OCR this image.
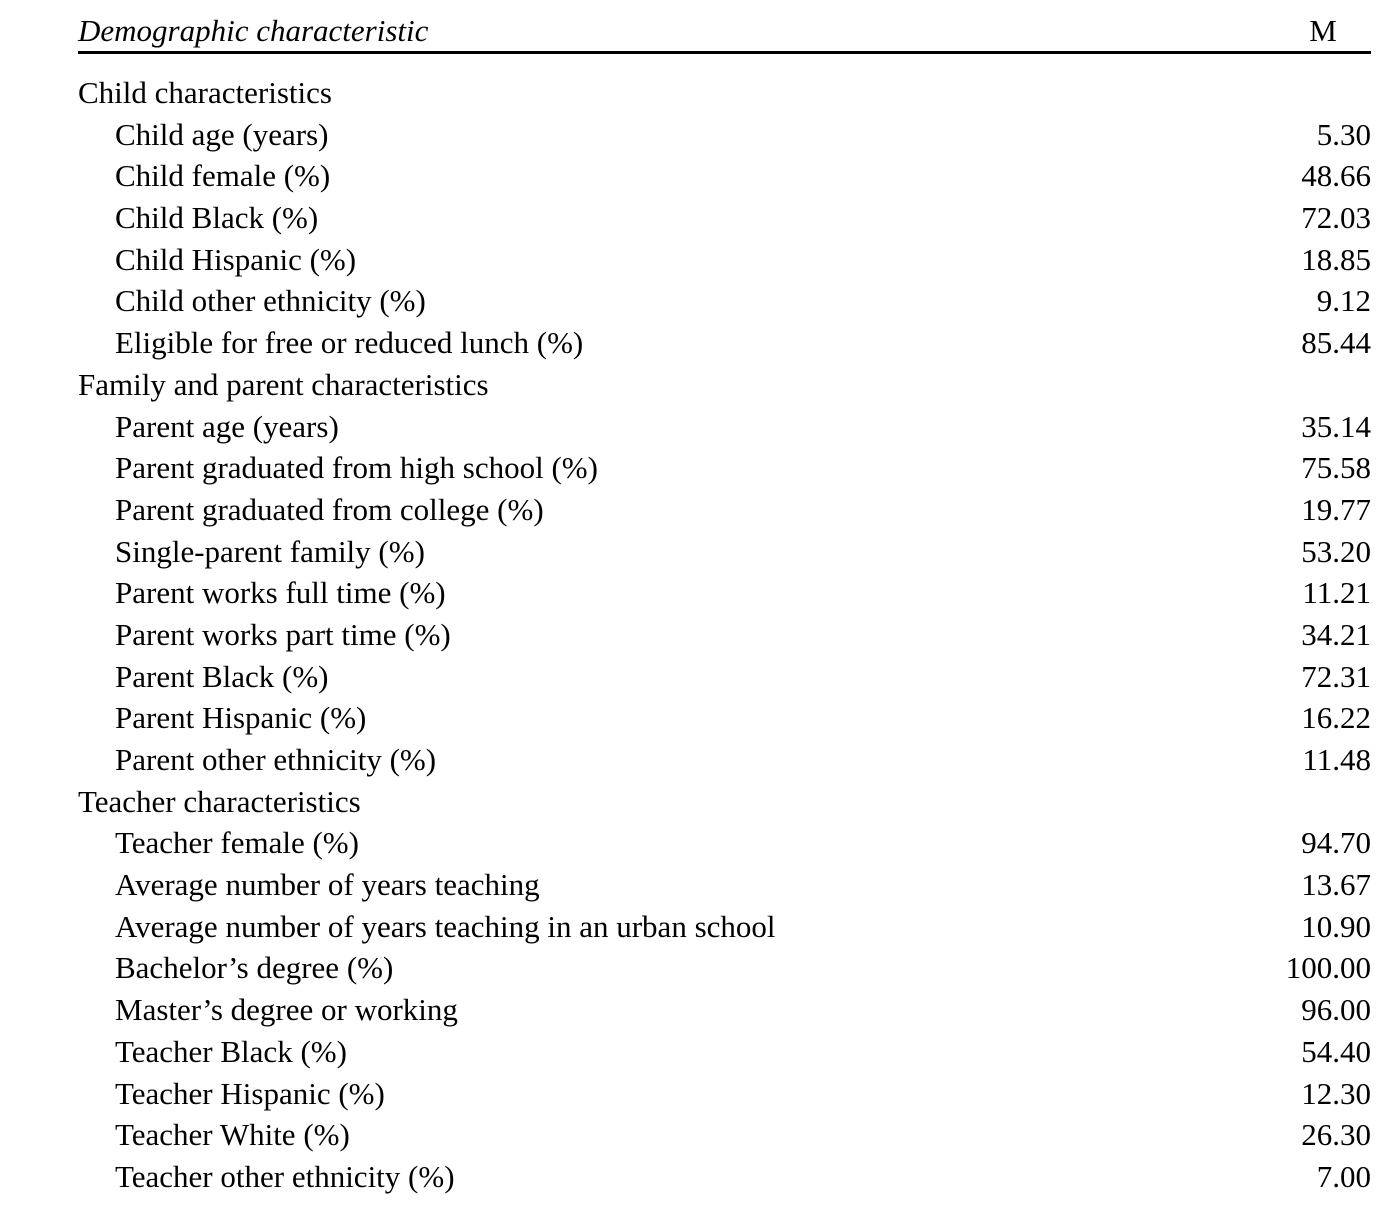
Demographic characteristic	M
Child characteristics
Child age (years)	5.30
Child female (%)	48.66
Child Black (%)	72.03
Child Hispanic (%)	18.85
Child other ethnicity (%)	9.12
Eligible for free or reduced lunch (%)	85.44
Family and parent characteristics
Parent age (years)	35.14
Parent graduated from high school (%)	75.58
Parent graduated from college (%)	19.77
Single-parent family (%)	53.20
Parent works full time (%)	11.21
Parent works part time (%)	34.21
Parent Black (%)	72.31
Parent Hispanic (%)	16.22
Parent other ethnicity (%)	11.48
Teacher characteristics
Teacher female (%)	94.70
Average number of years teaching	13.67
Average number of years teaching in an urban school	10.90
Bachelor’s degree (%)	100.00
Master’s degree or working	96.00
Teacher Black (%)	54.40
Teacher Hispanic (%)	12.30
Teacher White (%)	26.30
Teacher other ethnicity (%)	7.00
